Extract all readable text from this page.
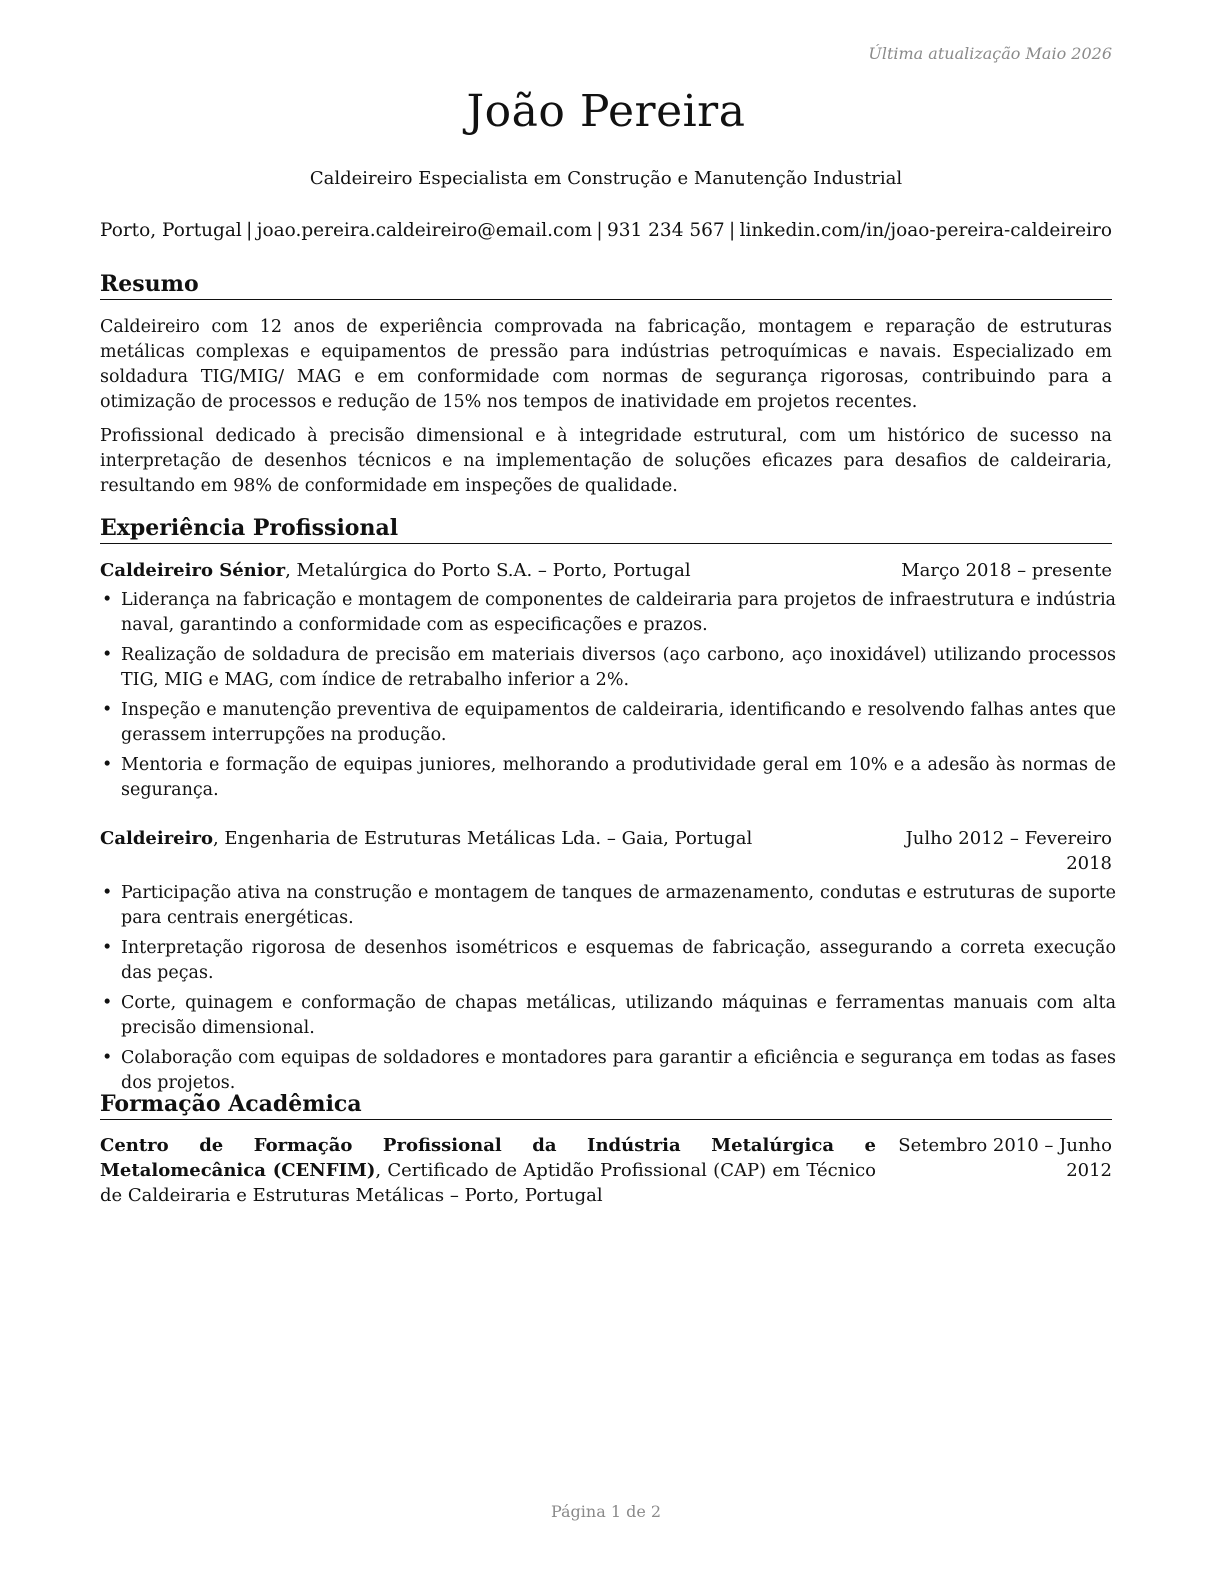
Última atualização Maio 2026
João Pereira
Caldeireiro Especialista em Construção e Manutenção Industrial
Porto, Portugal | joao.pereira.caldeireiro@email.com | 931 234 567 | linkedin.com/in/joao-pereira-caldeireiro
Resumo

Caldeireiro com 12 anos de experiência comprovada na fabricação, montagem e reparação de estruturas metálicas complexas e equipamentos de pressão para indústrias petroquímicas e navais. Especializado em soldadura TIG/MIG/ MAG e em conformidade com normas de segurança rigorosas, contribuindo para a otimização de processos e redução de 15% nos tempos de inatividade em projetos recentes.

Profissional dedicado à precisão dimensional e à integridade estrutural, com um histórico de sucesso na interpretação de desenhos técnicos e na implementação de soluções eficazes para desafios de caldeiraria, resultando em 98% de conformidade em inspeções de qualidade.

Experiência Profissional
Caldeireiro Sénior, Metalúrgica do Porto S.A. – Porto, Portugal	Março 2018 – presente
• Liderança na fabricação e montagem de componentes de caldeiraria para projetos de infraestrutura e indústria naval, garantindo a conformidade com as especificações e prazos.
• Realização de soldadura de precisão em materiais diversos (aço carbono, aço inoxidável) utilizando processos TIG, MIG e MAG, com índice de retrabalho inferior a 2%.
• Inspeção e manutenção preventiva de equipamentos de caldeiraria, identificando e resolvendo falhas antes que gerassem interrupções na produção.
• Mentoria e formação de equipas juniores, melhorando a produtividade geral em 10% e a adesão às normas de segurança.
Caldeireiro, Engenharia de Estruturas Metálicas Lda. – Gaia, Portugal	Julho 2012 – Fevereiro 2018
• Participação ativa na construção e montagem de tanques de armazenamento, condutas e estruturas de suporte para centrais energéticas.
• Interpretação rigorosa de desenhos isométricos e esquemas de fabricação, assegurando a correta execução das peças.
• Corte, quinagem e conformação de chapas metálicas, utilizando máquinas e ferramentas manuais com alta precisão dimensional.
• Colaboração com equipas de soldadores e montadores para garantir a eficiência e segurança em todas as fases dos projetos.
Formação Acadêmica
Centro de Formação Profissional da Indústria Metalúrgica e Metalomecânica (CENFIM), Certificado de Aptidão Profissional (CAP) em Técnico de Caldeiraria e Estruturas Metálicas – Porto, Portugal
Setembro 2010 – Junho 2012
Página 1 de 2
